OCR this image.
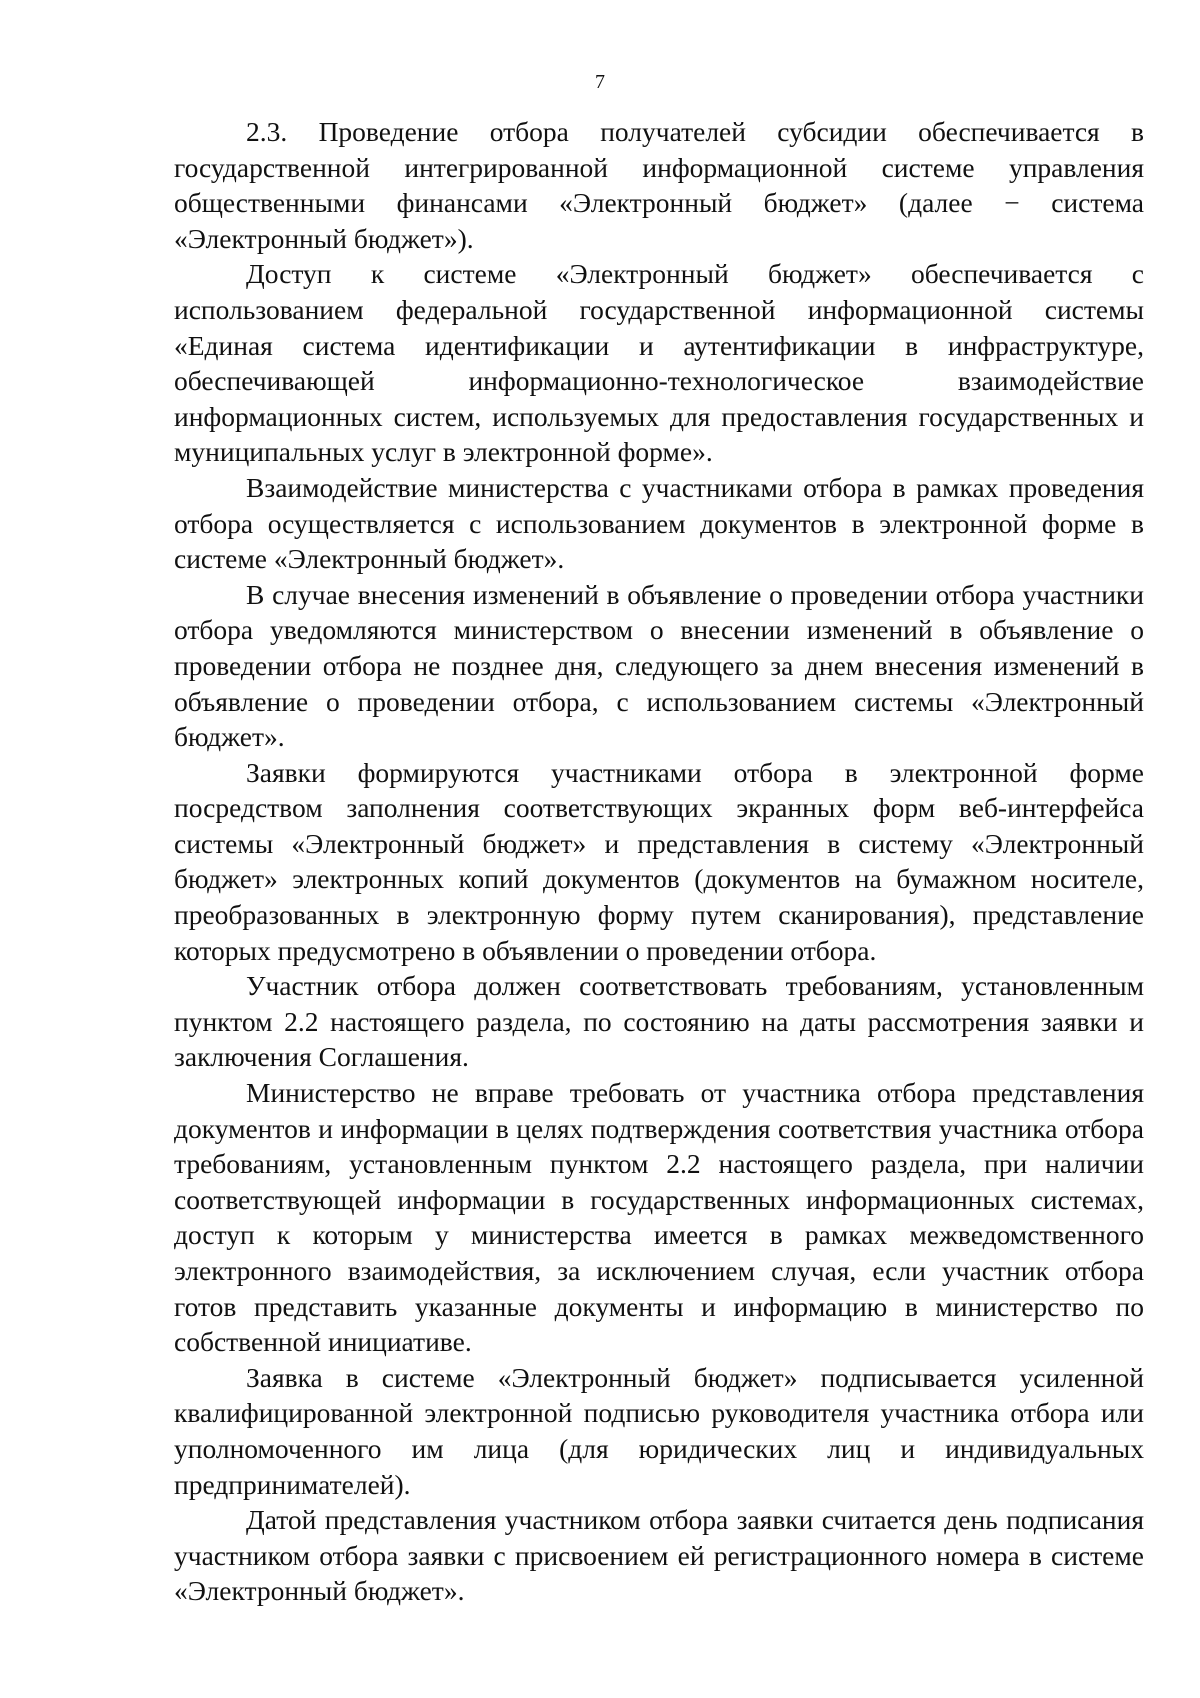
7

2.3. Проведение отбора получателей субсидии обеспечивается в государственной интегрированной информационной системе управления общественными финансами «Электронный бюджет» (далее − система «Электронный бюджет»).

Доступ к системе «Электронный бюджет» обеспечивается с использованием федеральной государственной информационной системы «Единая система идентификации и аутентификации в инфраструктуре, обеспечивающей информационно-технологическое взаимодействие информационных систем, используемых для предоставления государственных и муниципальных услуг в электронной форме».

Взаимодействие министерства с участниками отбора в рамках проведения отбора осуществляется с использованием документов в электронной форме в системе «Электронный бюджет».

В случае внесения изменений в объявление о проведении отбора участники отбора уведомляются министерством о внесении изменений в объявление о проведении отбора не позднее дня, следующего за днем внесения изменений в объявление о проведении отбора, с использованием системы «Электронный бюджет».

Заявки формируются участниками отбора в электронной форме посредством заполнения соответствующих экранных форм веб-интерфейса системы «Электронный бюджет» и представления в систему «Электронный бюджет» электронных копий документов (документов на бумажном носителе, преобразованных в электронную форму путем сканирования), представление которых предусмотрено в объявлении о проведении отбора.

Участник отбора должен соответствовать требованиям, установленным пунктом 2.2 настоящего раздела, по состоянию на даты рассмотрения заявки и заключения Соглашения.

Министерство не вправе требовать от участника отбора представления документов и информации в целях подтверждения соответствия участника отбора требованиям, установленным пунктом 2.2 настоящего раздела, при наличии соответствующей информации в государственных информационных системах, доступ к которым у министерства имеется в рамках межведомственного электронного взаимодействия, за исключением случая, если участник отбора готов представить указанные документы и информацию в министерство по собственной инициативе.

Заявка в системе «Электронный бюджет» подписывается усиленной квалифицированной электронной подписью руководителя участника отбора или уполномоченного им лица (для юридических лиц и индивидуальных предпринимателей).

Датой представления участником отбора заявки считается день подписания участником отбора заявки с присвоением ей регистрационного номера в системе «Электронный бюджет».
